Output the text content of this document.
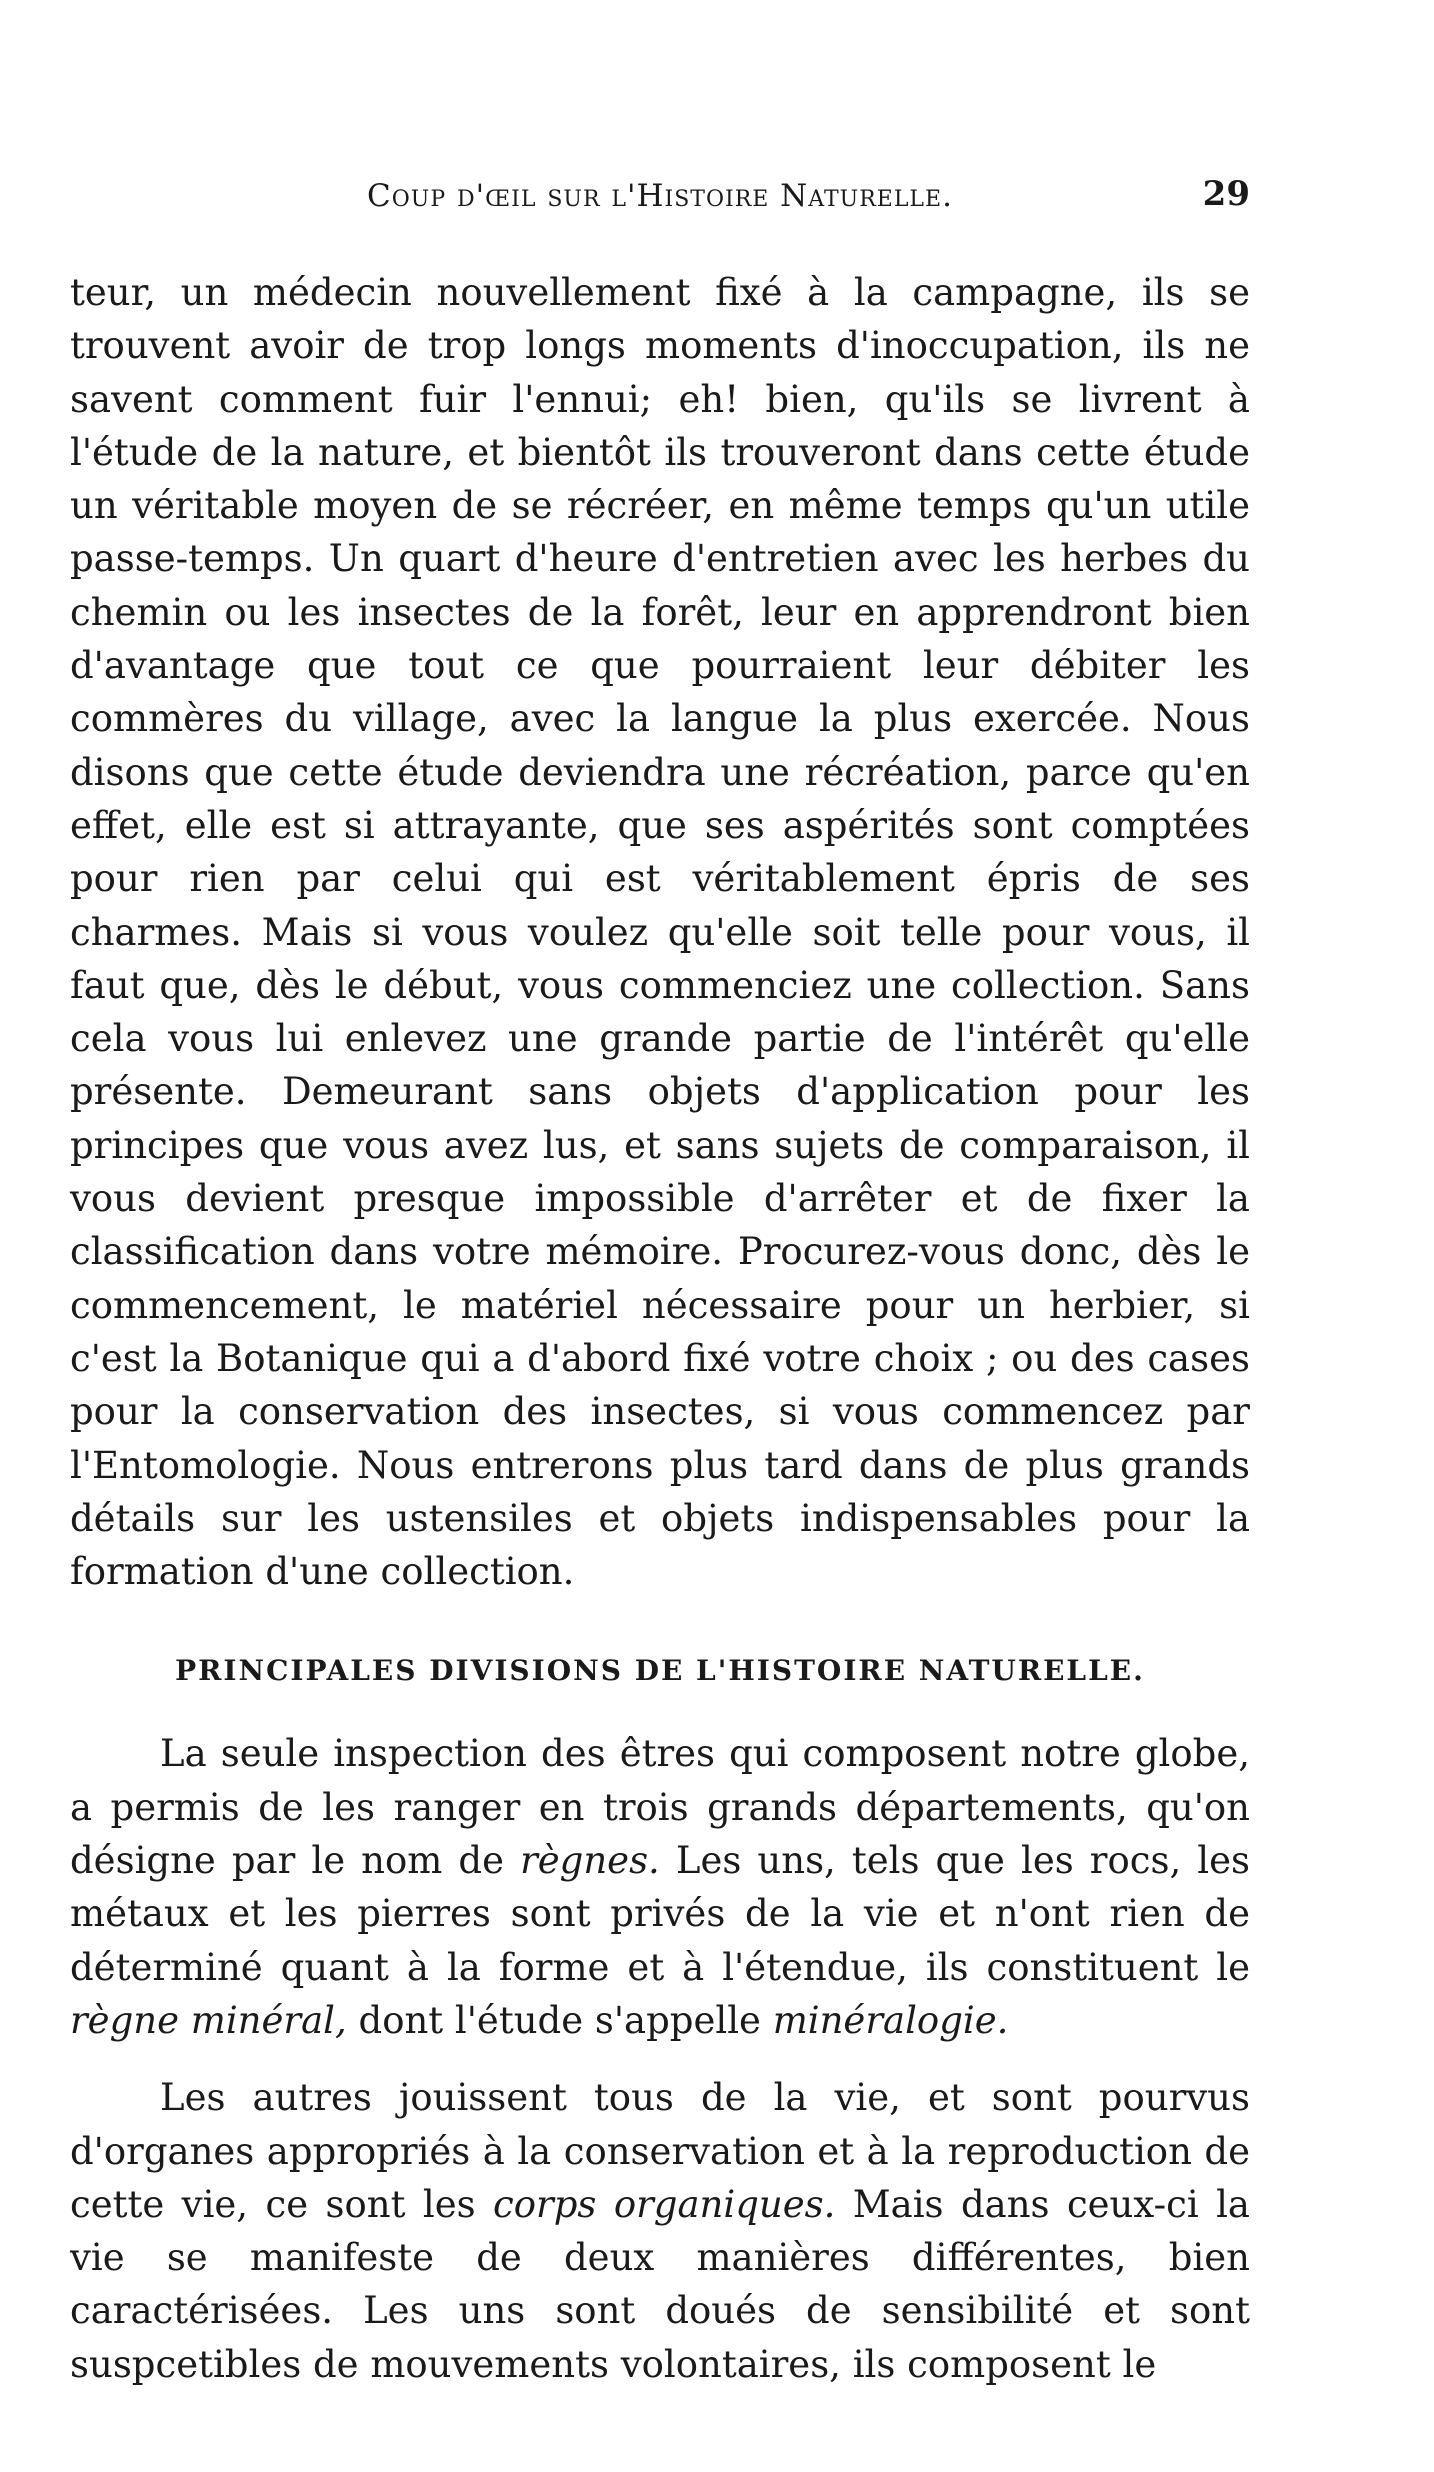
Coup d'œil sur l'Histoire Naturelle.	29

teur, un médecin nouvellement fixé à la campagne, ils se trouvent avoir de trop longs moments d'inoccupation, ils ne savent comment fuir l'ennui; eh! bien, qu'ils se livrent à l'étude de la nature, et bientôt ils trouveront dans cette étude un véritable moyen de se récréer, en même temps qu'un utile passe-temps. Un quart d'heure d'entretien avec les herbes du chemin ou les insectes de la forêt, leur en apprendront bien d'avantage que tout ce que pourraient leur débiter les commères du village, avec la langue la plus exercée. Nous disons que cette étude deviendra une récréation, parce qu'en effet, elle est si attrayante, que ses aspérités sont comptées pour rien par celui qui est véritablement épris de ses charmes. Mais si vous voulez qu'elle soit telle pour vous, il faut que, dès le début, vous commenciez une collection. Sans cela vous lui enlevez une grande partie de l'intérêt qu'elle présente. Demeurant sans objets d'application pour les principes que vous avez lus, et sans sujets de comparaison, il vous devient presque impossible d'arrêter et de fixer la classification dans votre mémoire. Procurez-vous donc, dès le commencement, le matériel nécessaire pour un herbier, si c'est la Botanique qui a d'abord fixé votre choix ; ou des cases pour la conservation des insectes, si vous commencez par l'Entomologie. Nous entrerons plus tard dans de plus grands détails sur les ustensiles et objets indispensables pour la formation d'une collection.

PRINCIPALES DIVISIONS DE L'HISTOIRE NATURELLE.

La seule inspection des êtres qui composent notre globe, a permis de les ranger en trois grands départements, qu'on désigne par le nom de règnes. Les uns, tels que les rocs, les métaux et les pierres sont privés de la vie et n'ont rien de déterminé quant à la forme et à l'étendue, ils constituent le règne minéral, dont l'étude s'appelle minéralogie.

Les autres jouissent tous de la vie, et sont pourvus d'organes appropriés à la conservation et à la reproduction de cette vie, ce sont les corps organiques. Mais dans ceux-ci la vie se manifeste de deux manières différentes, bien caractérisées. Les uns sont doués de sensibilité et sont suspcetibles de mouvements volontaires, ils composent le
